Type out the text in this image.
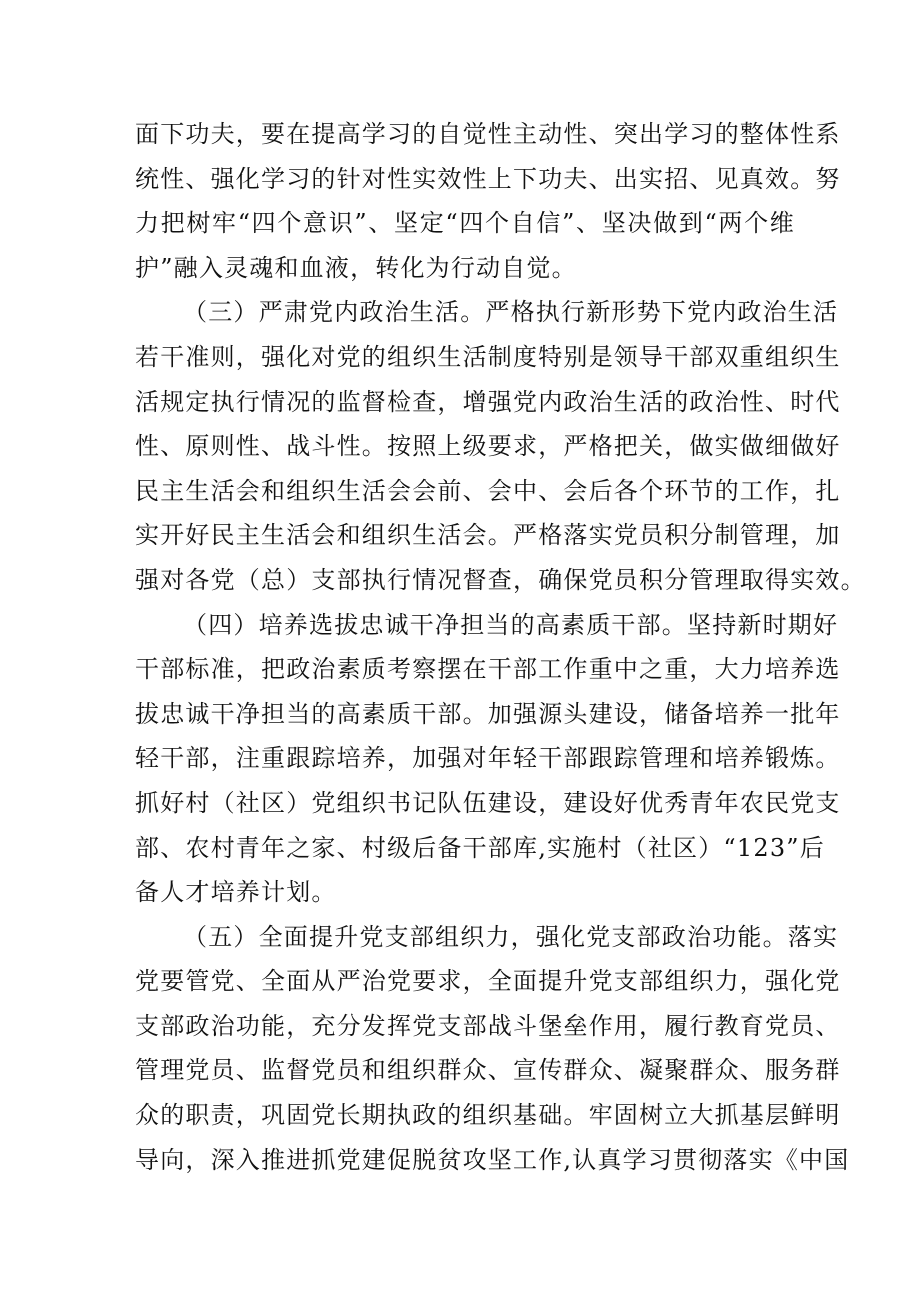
面下功夫，要在提高学习的自觉性主动性、突出学习的整体性系
统性、强化学习的针对性实效性上下功夫、出实招、见真效。努
力把树牢“四个意识”、坚定“四个自信”、坚决做到“两个维
护”融入灵魂和血液，转化为行动自觉。

（三）严肃党内政治生活。严格执行新形势下党内政治生活
若干准则，强化对党的组织生活制度特别是领导干部双重组织生
活规定执行情况的监督检查，增强党内政治生活的政治性、时代
性、原则性、战斗性。按照上级要求，严格把关，做实做细做好
民主生活会和组织生活会会前、会中、会后各个环节的工作，扎
实开好民主生活会和组织生活会。严格落实党员积分制管理，加
强对各党（总）支部执行情况督查，确保党员积分管理取得实效。

（四）培养选拔忠诚干净担当的高素质干部。坚持新时期好
干部标准，把政治素质考察摆在干部工作重中之重，大力培养选
拔忠诚干净担当的高素质干部。加强源头建设，储备培养一批年
轻干部，注重跟踪培养，加强对年轻干部跟踪管理和培养锻炼。
抓好村（社区）党组织书记队伍建设，建设好优秀青年农民党支
部、农村青年之家、村级后备干部库,实施村（社区）“123”后
备人才培养计划。

（五）全面提升党支部组织力，强化党支部政治功能。落实
党要管党、全面从严治党要求，全面提升党支部组织力，强化党
支部政治功能，充分发挥党支部战斗堡垒作用，履行教育党员、
管理党员、监督党员和组织群众、宣传群众、凝聚群众、服务群
众的职责，巩固党长期执政的组织基础。牢固树立大抓基层鲜明
导向，深入推进抓党建促脱贫攻坚工作,认真学习贯彻落实《中国
